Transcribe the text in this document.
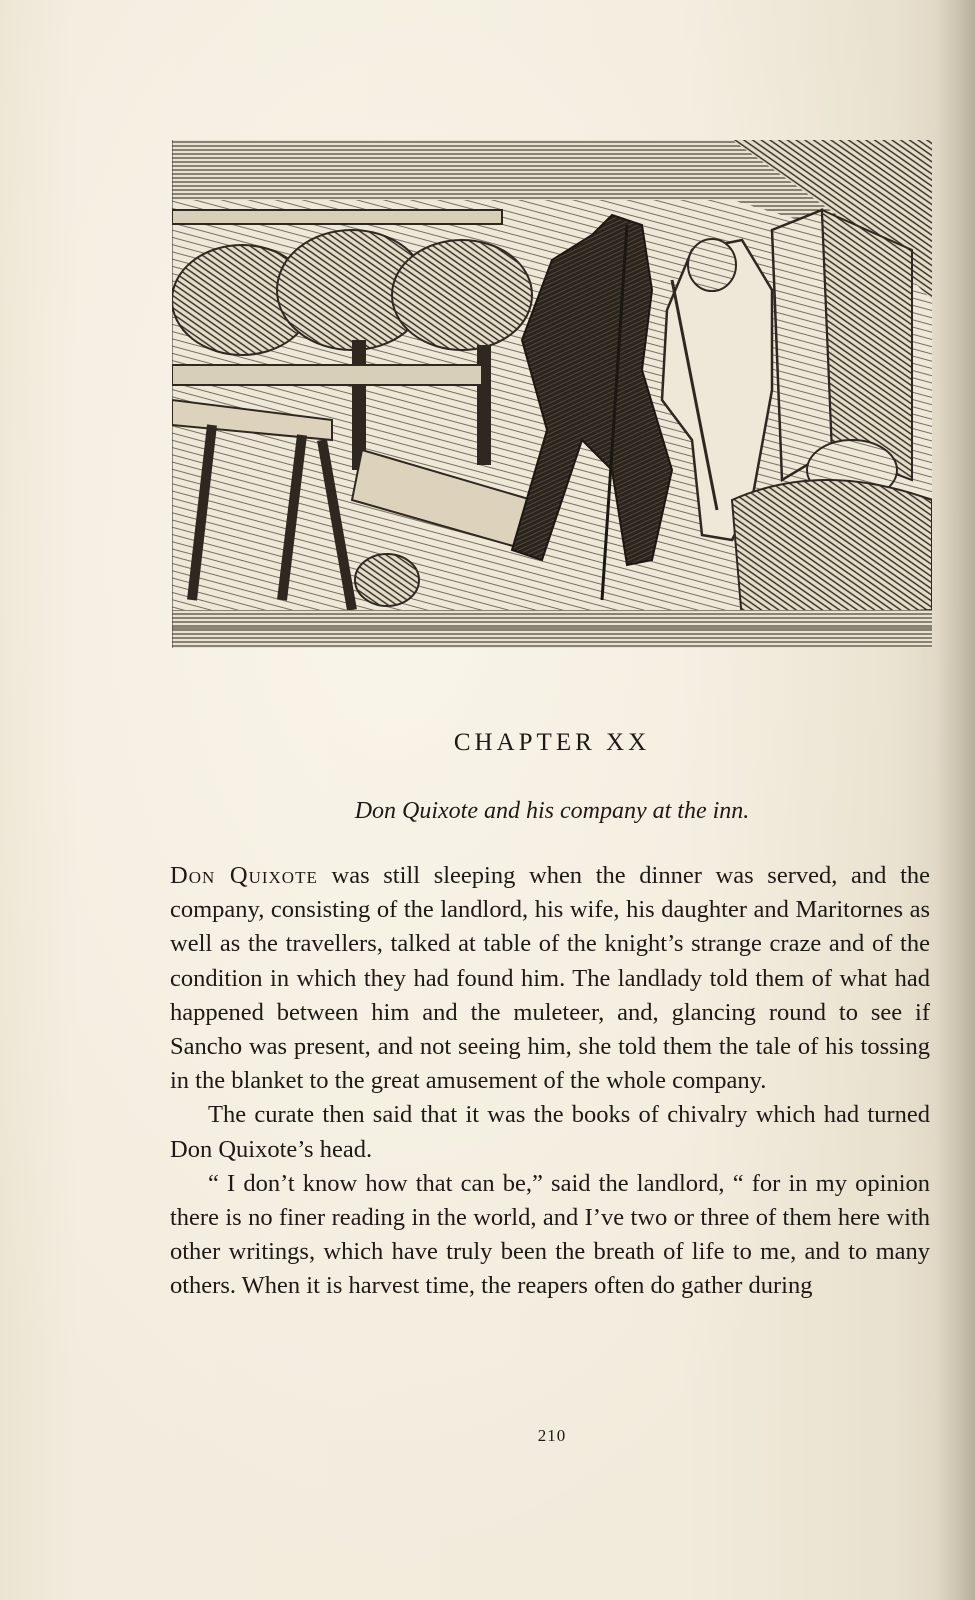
CHAPTER XX

Don Quixote and his company at the inn.

Don Quixote was still sleeping when the dinner was served, and the company, consisting of the landlord, his wife, his daughter and Maritornes as well as the travellers, talked at table of the knight’s strange craze and of the condition in which they had found him. The landlady told them of what had happened between him and the muleteer, and, glancing round to see if Sancho was present, and not seeing him, she told them the tale of his tossing in the blanket to the great amusement of the whole company.

The curate then said that it was the books of chivalry which had turned Don Quixote’s head.

“ I don’t know how that can be,” said the landlord, “ for in my opinion there is no finer reading in the world, and I’ve two or three of them here with other writings, which have truly been the breath of life to me, and to many others. When it is harvest time, the reapers often do gather during

210
